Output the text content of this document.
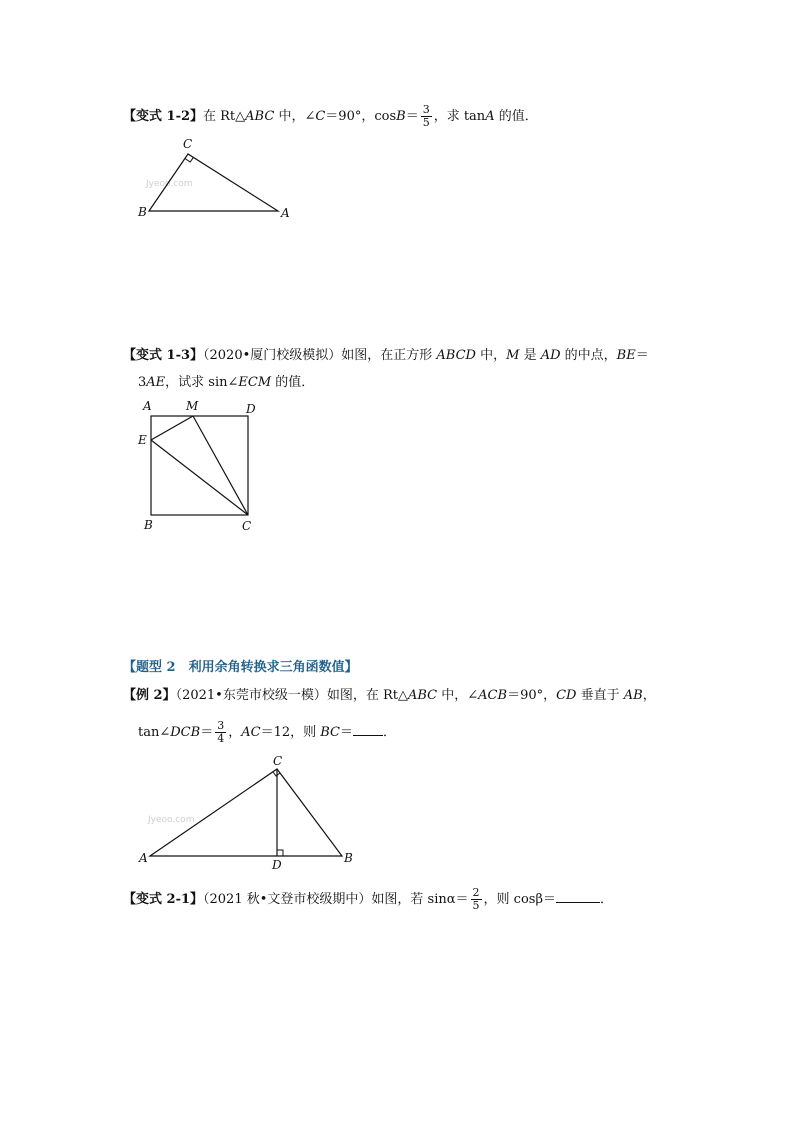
【变式 1-2】在 Rt△ABC 中，∠C＝90°，$\cos B= \frac{3}{5}$ ，求 tanA 的值．
Jyeoo.com
C
B	A
【变式 1-3】（2020•厦门校级模拟）如图，在正方形 ABCD 中，M 是 AD 的中点，BE＝
3AE，试求 sin∠ECM 的值．
A	M	D
E
B	C
【题型 2　利用余角转换求三角函数值】
【例 2】（2021•东莞市校级一模）如图，在 Rt△ABC 中，∠ACB＝90°，CD 垂直于 AB，
tan∠DCB＝ $\frac{3}{4}$ ，AC＝12，则 BC＝ ．
Jyeoo.com
C
A	D	B
【变式 2-1】（2021 秋•文登市校级期中）如图，若 $\sin\alpha= \frac{2}{5}$ ，则 cosβ＝	．
